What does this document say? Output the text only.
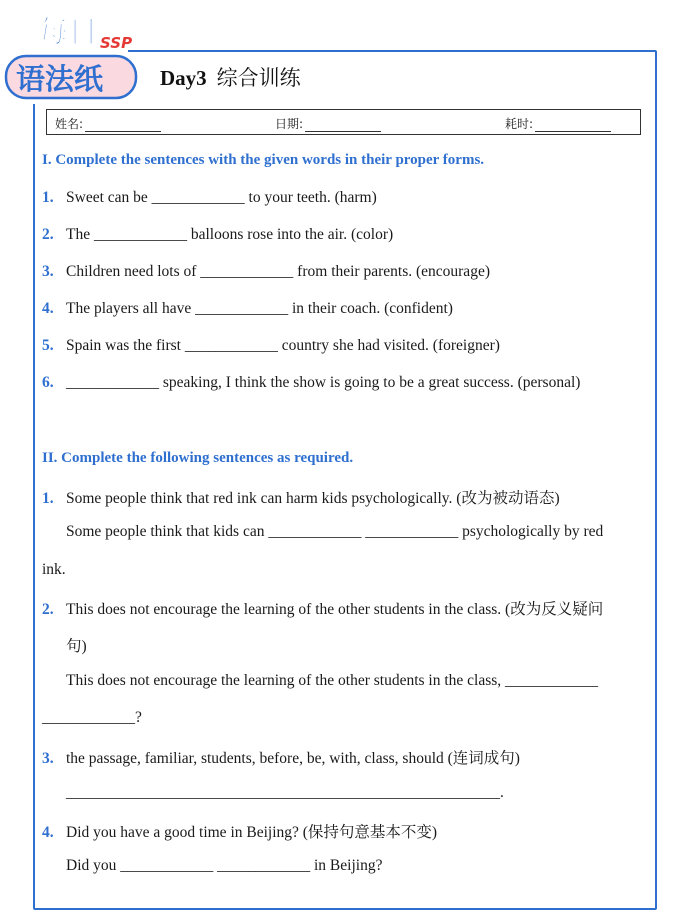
每日 SSP
语法纸	Day3 综合训练
姓名:	日期:	耗时:
I. Complete the sentences with the given words in their proper forms.
1. Sweet can be ____________ to your teeth. (harm)
2. The ____________ balloons rose into the air. (color)
3. Children need lots of ____________ from their parents. (encourage)
4. The players all have ____________ in their coach. (confident)
5. Spain was the first ____________ country she had visited. (foreigner)
6. ____________ speaking, I think the show is going to be a great success. (personal)
II. Complete the following sentences as required.
1. Some people think that red ink can harm kids psychologically. (改为被动语态)
Some people think that kids can ____________ ____________ psychologically by red
ink.
2. This does not encourage the learning of the other students in the class. (改为反义疑问
句)
This does not encourage the learning of the other students in the class, ____________
____________?
3. the passage, familiar, students, before, be, with, class, should (连词成句)
________________________________________________________.
4. Did you have a good time in Beijing? (保持句意基本不变)
Did you ____________ ____________ in Beijing?
